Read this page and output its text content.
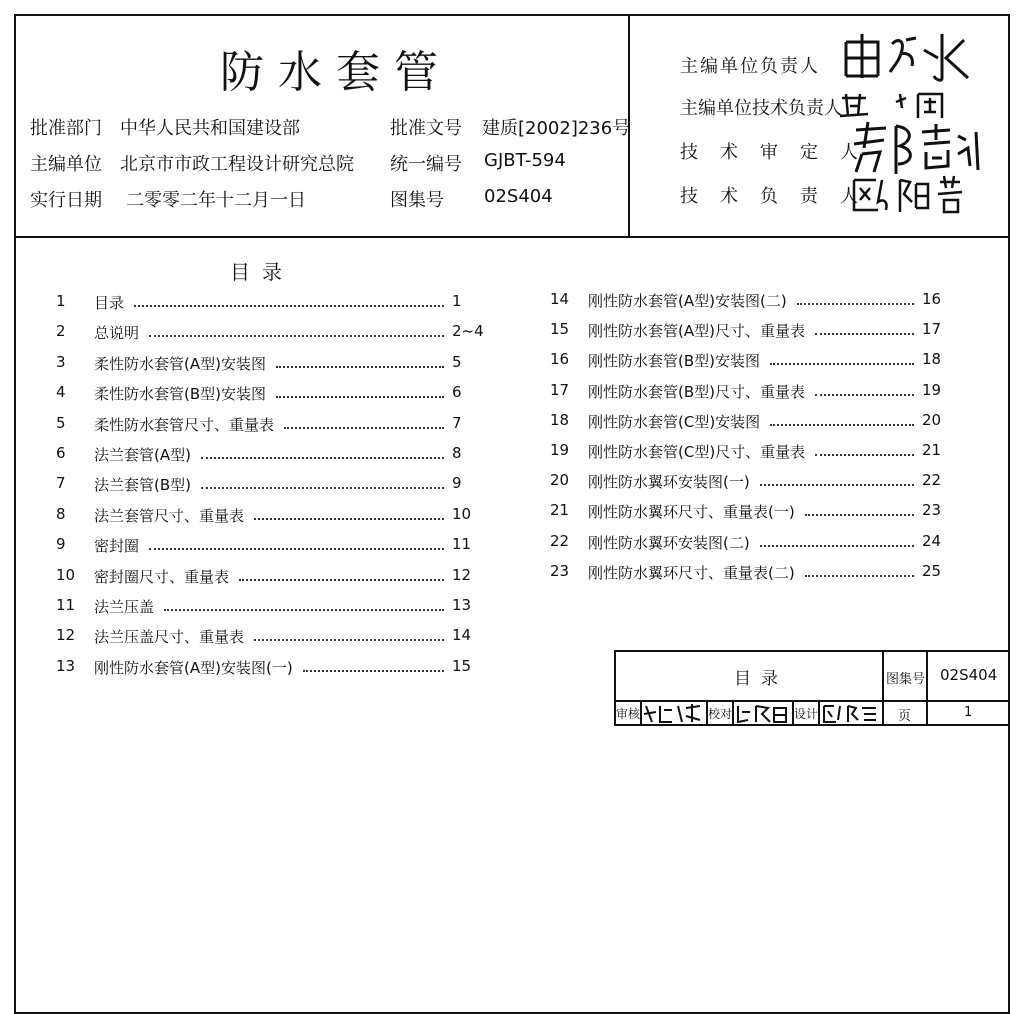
防水套管
批准部门 中华人民共和国建设部
主编单位 北京市市政工程设计研究总院
实行日期 二零零二年十二月一日
批准文号 建质[2002]236号
统一编号 GJBT-594
图集号 02S404
主编单位负责人
主编单位技术负责人
技术审定人
技术负责人
目录
1	目录	1
2	总说明	2~4
3	柔性防水套管(A型)安装图	5
4	柔性防水套管(B型)安装图	6
5	柔性防水套管尺寸、重量表	7
6	法兰套管(A型)	8
7	法兰套管(B型)	9
8	法兰套管尺寸、重量表	10
9	密封圈	11
10	密封圈尺寸、重量表	12
11	法兰压盖	13
12	法兰压盖尺寸、重量表	14
13	刚性防水套管(A型)安装图(一)	15
14	刚性防水套管(A型)安装图(二)	16
15	刚性防水套管(A型)尺寸、重量表	17
16	刚性防水套管(B型)安装图	18
17	刚性防水套管(B型)尺寸、重量表	19
18	刚性防水套管(C型)安装图	20
19	刚性防水套管(C型)尺寸、重量表	21
20	刚性防水翼环安装图(一)	22
21	刚性防水翼环尺寸、重量表(一)	23
22	刚性防水翼环安装图(二)	24
23	刚性防水翼环尺寸、重量表(二)	25
目录	图集号 02S404
审核	校对	设计	页	1
